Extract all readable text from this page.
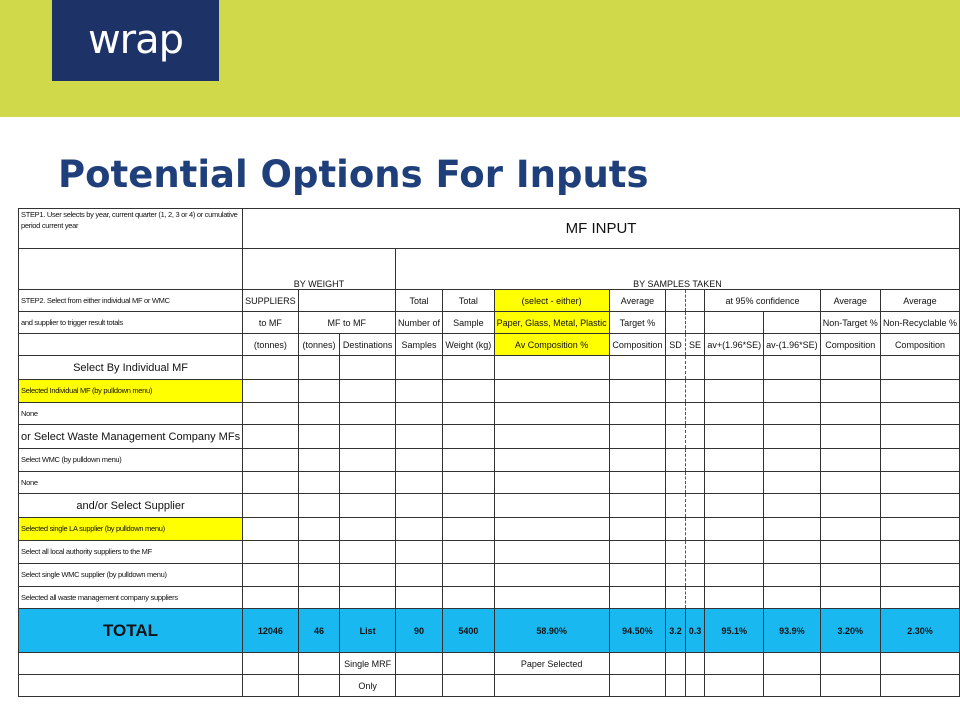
wrap
Potential Options For Inputs
STEP1. User selects by year, current quarter (1, 2, 3 or 4) or cumulative period current year	MF INPUT												
	BY WEIGHT			BY SAMPLES TAKEN									
STEP2. Select from either individual MF or WMC	SUPPLIERS			Total	Total	(select - either)	Average			at 95% confidence		Average	Average
and supplier to trigger result totals	to MF	MF to MF		Number of	Sample	Paper, Glass, Metal, Plastic	Target %					Non-Target %	Non-Recyclable %
	(tonnes)	(tonnes)	Destinations	Samples	Weight (kg)	Av Composition %	Composition	SD	SE	av+(1.96*SE)	av-(1.96*SE)	Composition	Composition
Select By Individual MF													
Selected Individual MF (by pulldown menu)													
None													
or Select Waste Management Company MFs													
Select WMC (by pulldown menu)													
None													
and/or Select Supplier													
Selected single LA supplier (by pulldown menu)													
Select all local authority suppliers to the MF													
Select single WMC supplier (by pulldown menu)													
Selected all waste management company suppliers													
TOTAL	12046	46	List	90	5400	58.90%	94.50%	3.2	0.3	95.1%	93.9%	3.20%	2.30%
			Single MRF			Paper Selected							
			Only										
